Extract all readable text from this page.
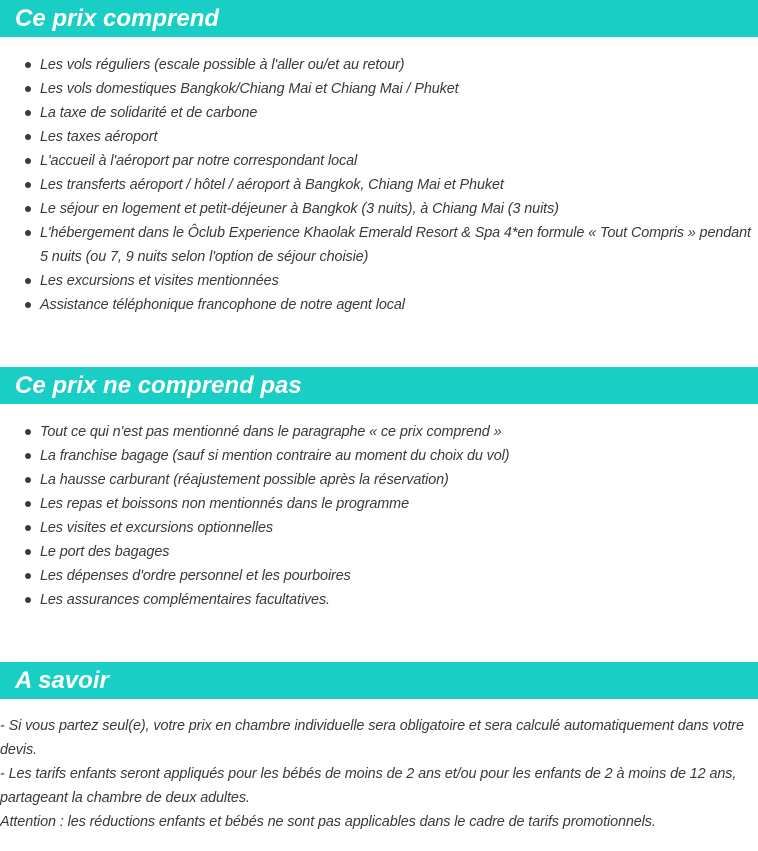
Ce prix comprend
Les vols réguliers (escale possible à l'aller ou/et au retour)
Les vols domestiques Bangkok/Chiang Mai et Chiang Mai / Phuket
La taxe de solidarité et de carbone
Les taxes aéroport
L'accueil à l'aéroport par notre correspondant local
Les transferts aéroport / hôtel / aéroport à Bangkok, Chiang Mai et Phuket
Le séjour en logement et petit-déjeuner à Bangkok (3 nuits), à Chiang Mai (3 nuits)
L'hébergement dans le Ôclub Experience Khaolak Emerald Resort & Spa 4*en formule « Tout Compris » pendant 5 nuits (ou 7, 9 nuits selon l'option de séjour choisie)
Les excursions et visites mentionnées
Assistance téléphonique francophone de notre agent local
Ce prix ne comprend pas
Tout ce qui n'est pas mentionné dans le paragraphe « ce prix comprend »
La franchise bagage (sauf si mention contraire au moment du choix du vol)
La hausse carburant (réajustement possible après la réservation)
Les repas et boissons non mentionnés dans le programme
Les visites et excursions optionnelles
Le port des bagages
Les dépenses d'ordre personnel et les pourboires
Les assurances complémentaires facultatives.
A savoir

- Si vous partez seul(e), votre prix en chambre individuelle sera obligatoire et sera calculé automatiquement dans votre devis.

- Les tarifs enfants seront appliqués pour les bébés de moins de 2 ans et/ou pour les enfants de 2 à moins de 12 ans, partageant la chambre de deux adultes.

Attention : les réductions enfants et bébés ne sont pas applicables dans le cadre de tarifs promotionnels.
